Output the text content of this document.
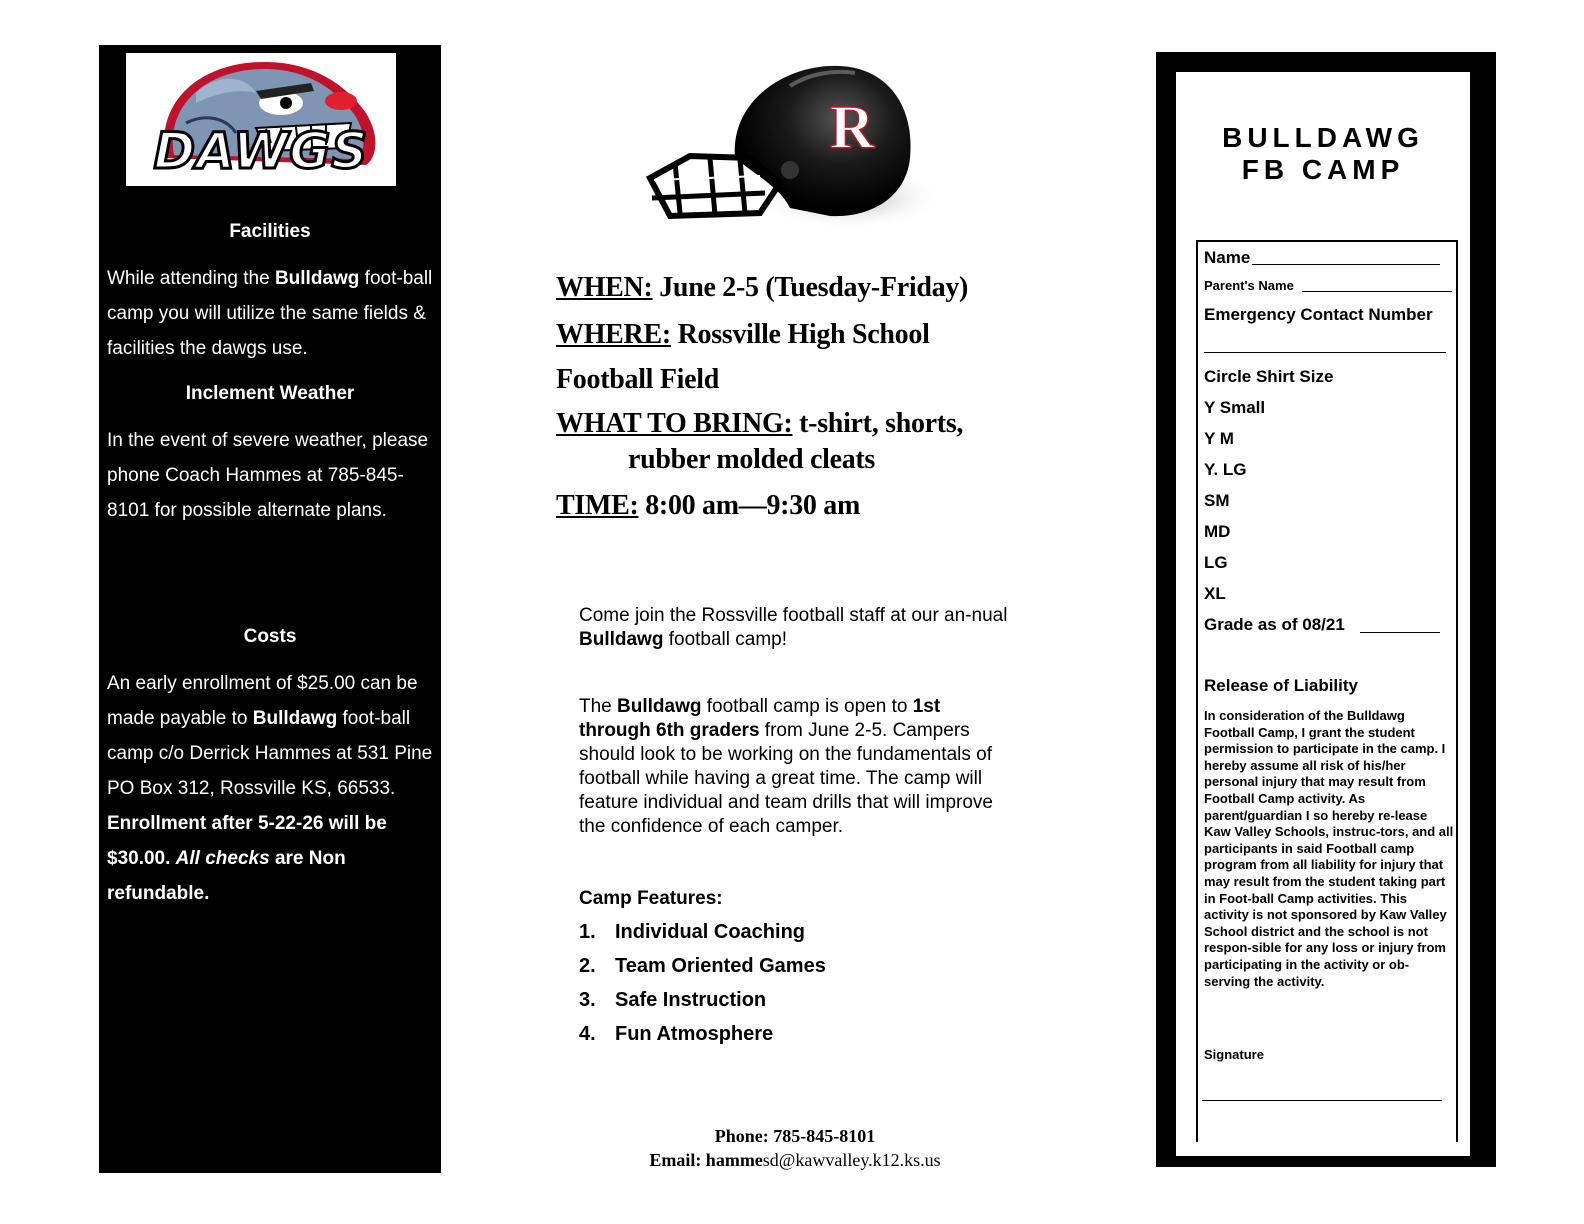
DAWGS
Facilities
While attending the Bulldawg foot-ball camp you will utilize the same fields & facilities the dawgs use.
Inclement Weather
In the event of severe weather, please phone Coach Hammes at 785-845-8101 for possible alternate plans.
Costs
An early enrollment of $25.00 can be made payable to Bulldawg foot-ball camp c/o Derrick Hammes at 531 Pine PO Box 312, Rossville KS, 66533. Enrollment after 5-22-26 will be $30.00. All checks are Non refundable.
R
WHEN: June 2-5 (Tuesday-Friday)
WHERE: Rossville High School
Football Field
WHAT TO BRING: t-shirt, shorts,
rubber molded cleats
TIME: 8:00 am—9:30 am
Come join the Rossville football staff at our an-nual Bulldawg football camp!
The Bulldawg football camp is open to 1st through 6th graders from June 2-5. Campers should look to be working on the fundamentals of football while having a great time. The camp will feature individual and team drills that will improve the confidence of each camper.
Camp Features:
1. Individual Coaching
2. Team Oriented Games
3. Safe Instruction
4. Fun Atmosphere
Phone: 785-845-8101
Email: hammesd@kawvalley.k12.ks.us
BULLDAWG
FB CAMP
Name
Parent's Name
Emergency Contact Number
Circle Shirt Size
Y Small
Y M
Y. LG
SM
MD
LG
XL
Grade as of 08/21
Release of Liability
In consideration of the Bulldawg Football Camp, I grant the student permission to participate in the camp. I hereby assume all risk of his/her personal injury that may result from Football Camp activity. As parent/guardian I so hereby re-lease Kaw Valley Schools, instruc-tors, and all participants in said Football camp program from all liability for injury that may result from the student taking part in Foot-ball Camp activities. This activity is not sponsored by Kaw Valley School district and the school is not respon-sible for any loss or injury from participating in the activity or ob-serving the activity.
Signature
